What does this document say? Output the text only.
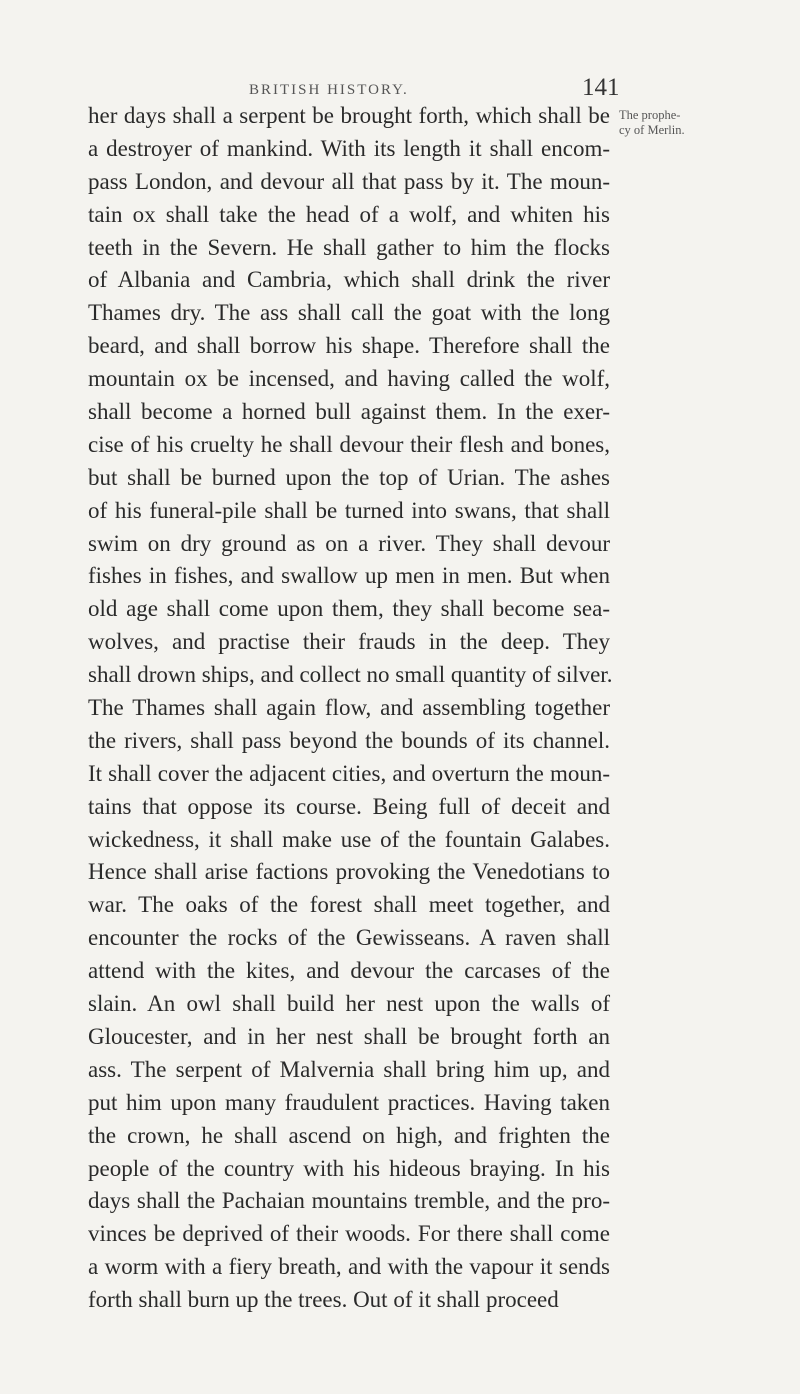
BRITISH HISTORY.	141
The prophe-
cy of Merlin.
her days shall a serpent be brought forth, which shall be
a destroyer of mankind. With its length it shall encom-
pass London, and devour all that pass by it. The moun-
tain ox shall take the head of a wolf, and whiten his
teeth in the Severn. He shall gather to him the flocks
of Albania and Cambria, which shall drink the river
Thames dry. The ass shall call the goat with the long
beard, and shall borrow his shape. Therefore shall the
mountain ox be incensed, and having called the wolf,
shall become a horned bull against them. In the exer-
cise of his cruelty he shall devour their flesh and bones,
but shall be burned upon the top of Urian. The ashes
of his funeral-pile shall be turned into swans, that shall
swim on dry ground as on a river. They shall devour
fishes in fishes, and swallow up men in men. But when
old age shall come upon them, they shall become sea-
wolves, and practise their frauds in the deep. They
shall drown ships, and collect no small quantity of silver.
The Thames shall again flow, and assembling together
the rivers, shall pass beyond the bounds of its channel.
It shall cover the adjacent cities, and overturn the moun-
tains that oppose its course. Being full of deceit and
wickedness, it shall make use of the fountain Galabes.
Hence shall arise factions provoking the Venedotians to
war. The oaks of the forest shall meet together, and
encounter the rocks of the Gewisseans. A raven shall
attend with the kites, and devour the carcases of the
slain. An owl shall build her nest upon the walls of
Gloucester, and in her nest shall be brought forth an
ass. The serpent of Malvernia shall bring him up, and
put him upon many fraudulent practices. Having taken
the crown, he shall ascend on high, and frighten the
people of the country with his hideous braying. In his
days shall the Pachaian mountains tremble, and the pro-
vinces be deprived of their woods. For there shall come
a worm with a fiery breath, and with the vapour it sends
forth shall burn up the trees. Out of it shall proceed
